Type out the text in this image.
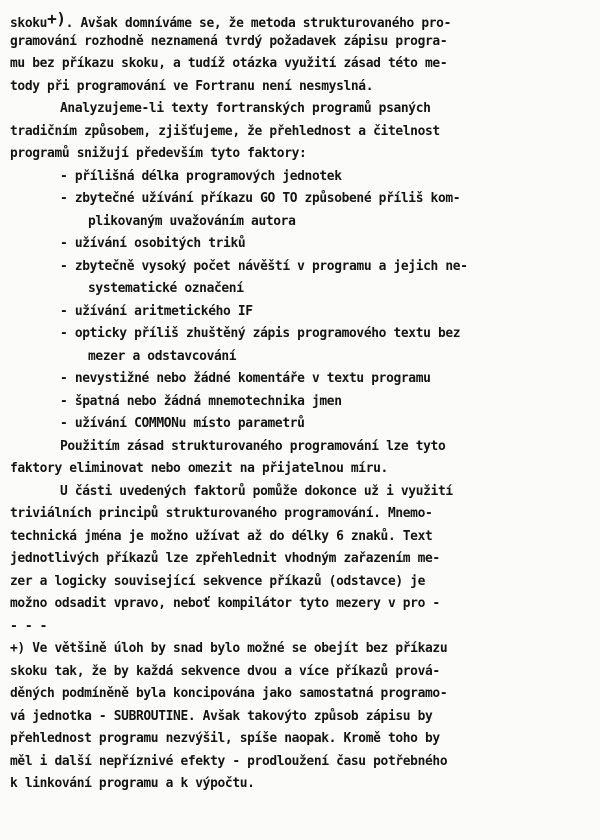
skoku+). Avšak domníváme se, že metoda strukturovaného pro-
gramování rozhodně neznamená tvrdý požadavek zápisu progra-
mu bez příkazu skoku, a tudíž otázka využití zásad této me-
tody při programování ve Fortranu není nesmyslná.
Analyzujeme-li texty fortranských programů psaných
tradičním způsobem, zjišťujeme, že přehlednost a čitelnost
programů snižují především tyto faktory:
- přílišná délka programových jednotek
- zbytečné užívání příkazu GO TO způsobené příliš kom-
plikovaným uvažováním autora
- užívání osobitých triků
- zbytečně vysoký počet návěští v programu a jejich ne-
systematické označení
- užívání aritmetického IF
- opticky příliš zhuštěný zápis programového textu bez
mezer a odstavcování
- nevystižné nebo žádné komentáře v textu programu
- špatná nebo žádná mnemotechnika jmen
- užívání COMMONu místo parametrů
Použitím zásad strukturovaného programování lze tyto
faktory eliminovat nebo omezit na přijatelnou míru.
U části uvedených faktorů pomůže dokonce už i využití
triviálních principů strukturovaného programování. Mnemo-
technická jména je možno užívat až do délky 6 znaků. Text
jednotlivých příkazů lze zpřehlednit vhodným zařazením me-
zer a logicky související sekvence příkazů (odstavce) je
možno odsadit vpravo, neboť kompilátor tyto mezery v pro -
- - -
+) Ve většině úloh by snad bylo možné se obejít bez příkazu
skoku tak, že by každá sekvence dvou a více příkazů prová-
děných podmíněně byla koncipována jako samostatná programo-
vá jednotka - SUBROUTINE. Avšak takovýto způsob zápisu by
přehlednost programu nezvýšil, spíše naopak. Kromě toho by
měl i další nepříznivé efekty - prodloužení času potřebného
k linkování programu a k výpočtu.
